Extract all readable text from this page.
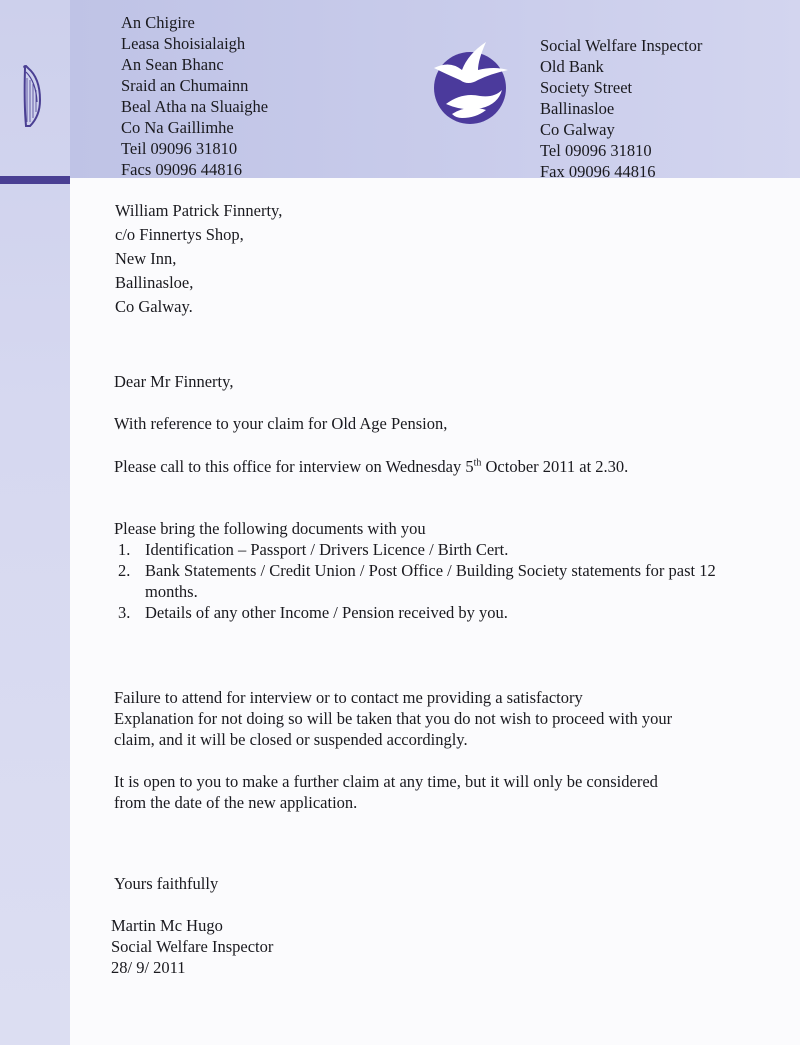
An Chigire
Leasa Shoisialaigh
An Sean Bhanc
Sraid an Chumainn
Beal Atha na Sluaighe
Co Na Gaillimhe
Teil 09096 31810
Facs 09096 44816
Social Welfare Inspector
Old Bank
Society Street
Ballinasloe
Co Galway
Tel 09096 31810
Fax 09096 44816
William Patrick Finnerty,
c/o Finnertys Shop,
New Inn,
Ballinasloe,
Co Galway.
Dear Mr Finnerty,
With reference to your claim for Old Age Pension,
Please call to this office for interview on Wednesday 5th October 2011 at 2.30.
Please bring the following documents with you
1. Identification – Passport / Drivers Licence / Birth Cert.
2. Bank Statements / Credit Union / Post Office / Building Society statements for past 12 months.
3. Details of any other Income / Pension received by you.
Failure to attend for interview or to contact me providing a satisfactory
Explanation for not doing so will be taken that you do not wish to proceed with your
claim, and it will be closed or suspended accordingly.
It is open to you to make a further claim at any time, but it will only be considered
from the date of the new application.
Yours faithfully
Martin Mc Hugo
Social Welfare Inspector
28/ 9/ 2011
